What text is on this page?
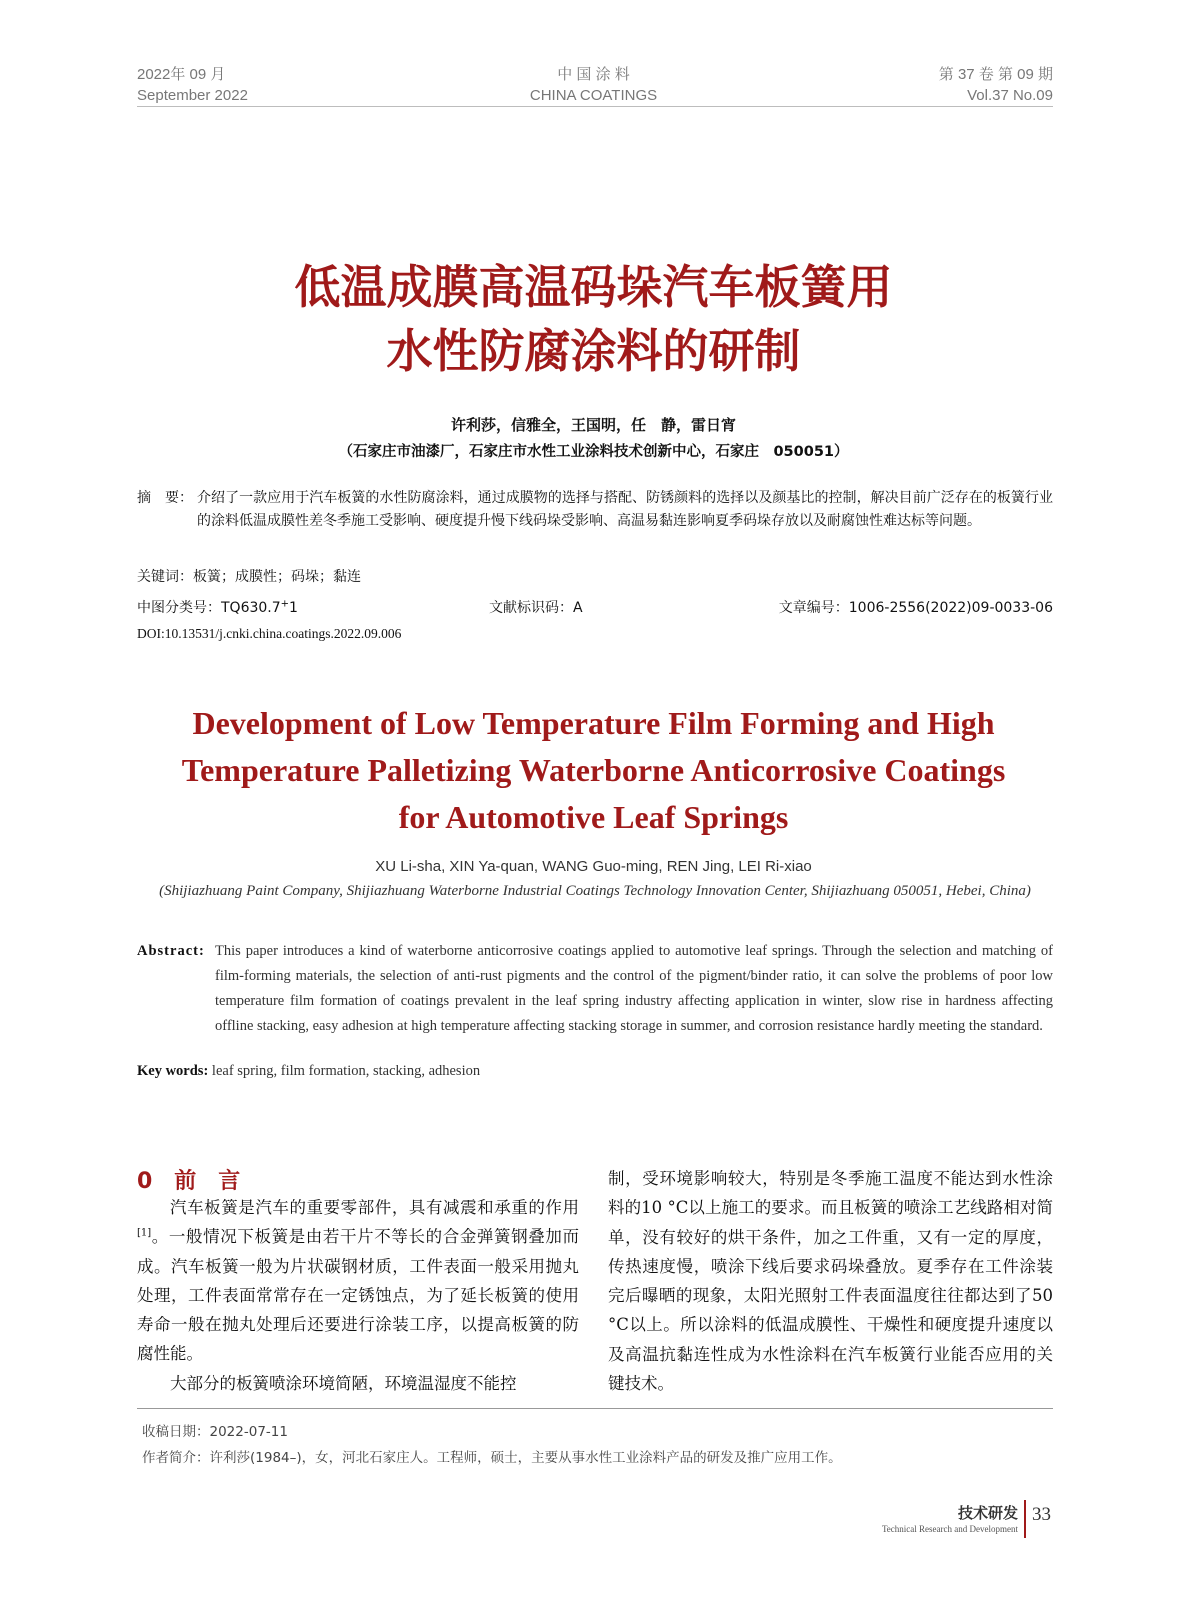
2022年 09 月
September 2022
中 国 涂 料
CHINA COATINGS
第 37 卷 第 09 期
Vol.37 No.09
低温成膜高温码垛汽车板簧用
水性防腐涂料的研制
许利莎，信雅全，王国明，任　静，雷日宵
（石家庄市油漆厂，石家庄市水性工业涂料技术创新中心，石家庄　050051）
摘　要： 介绍了一款应用于汽车板簧的水性防腐涂料，通过成膜物的选择与搭配、防锈颜料的选择以及颜基比的控制，解决目前广泛存在的板簧行业的涂料低温成膜性差冬季施工受影响、硬度提升慢下线码垛受影响、高温易黏连影响夏季码垛存放以及耐腐蚀性难达标等问题。
关键词：板簧；成膜性；码垛；黏连
中图分类号：TQ630.7+1	文献标识码：A	文章编号：1006-2556(2022)09-0033-06
DOI:10.13531/j.cnki.china.coatings.2022.09.006
Development of Low Temperature Film Forming and High
Temperature Palletizing Waterborne Anticorrosive Coatings
for Automotive Leaf Springs
XU Li-sha, XIN Ya-quan, WANG Guo-ming, REN Jing, LEI Ri-xiao
(Shijiazhuang Paint Company, Shijiazhuang Waterborne Industrial Coatings Technology Innovation Center, Shijiazhuang 050051, Hebei, China)
Abstract: This paper introduces a kind of waterborne anticorrosive coatings applied to automotive leaf springs. Through the selection and matching of film-forming materials, the selection of anti-rust pigments and the control of the pigment/binder ratio, it can solve the problems of poor low temperature film formation of coatings prevalent in the leaf spring industry affecting application in winter, slow rise in hardness affecting offline stacking, easy adhesion at high temperature affecting stacking storage in summer, and corrosion resistance hardly meeting the standard.
Key words: leaf spring, film formation, stacking, adhesion
0　前　言

汽车板簧是汽车的重要零部件，具有减震和承重的作用[1]。一般情况下板簧是由若干片不等长的合金弹簧钢叠加而成。汽车板簧一般为片状碳钢材质，工件表面一般采用抛丸处理，工件表面常常存在一定锈蚀点，为了延长板簧的使用寿命一般在抛丸处理后还要进行涂装工序，以提高板簧的防腐性能。

大部分的板簧喷涂环境简陋，环境温湿度不能控

制，受环境影响较大，特别是冬季施工温度不能达到水性涂料的10 °C以上施工的要求。而且板簧的喷涂工艺线路相对简单，没有较好的烘干条件，加之工件重，又有一定的厚度，传热速度慢，喷涂下线后要求码垛叠放。夏季存在工件涂装完后曝晒的现象，太阳光照射工件表面温度往往都达到了50 °C以上。所以涂料的低温成膜性、干燥性和硬度提升速度以及高温抗黏连性成为水性涂料在汽车板簧行业能否应用的关键技术。

收稿日期：2022-07-11
作者简介：许利莎(1984–)，女，河北石家庄人。工程师，硕士，主要从事水性工业涂料产品的研发及推广应用工作。
技术研发
Technical Research and Development
33
